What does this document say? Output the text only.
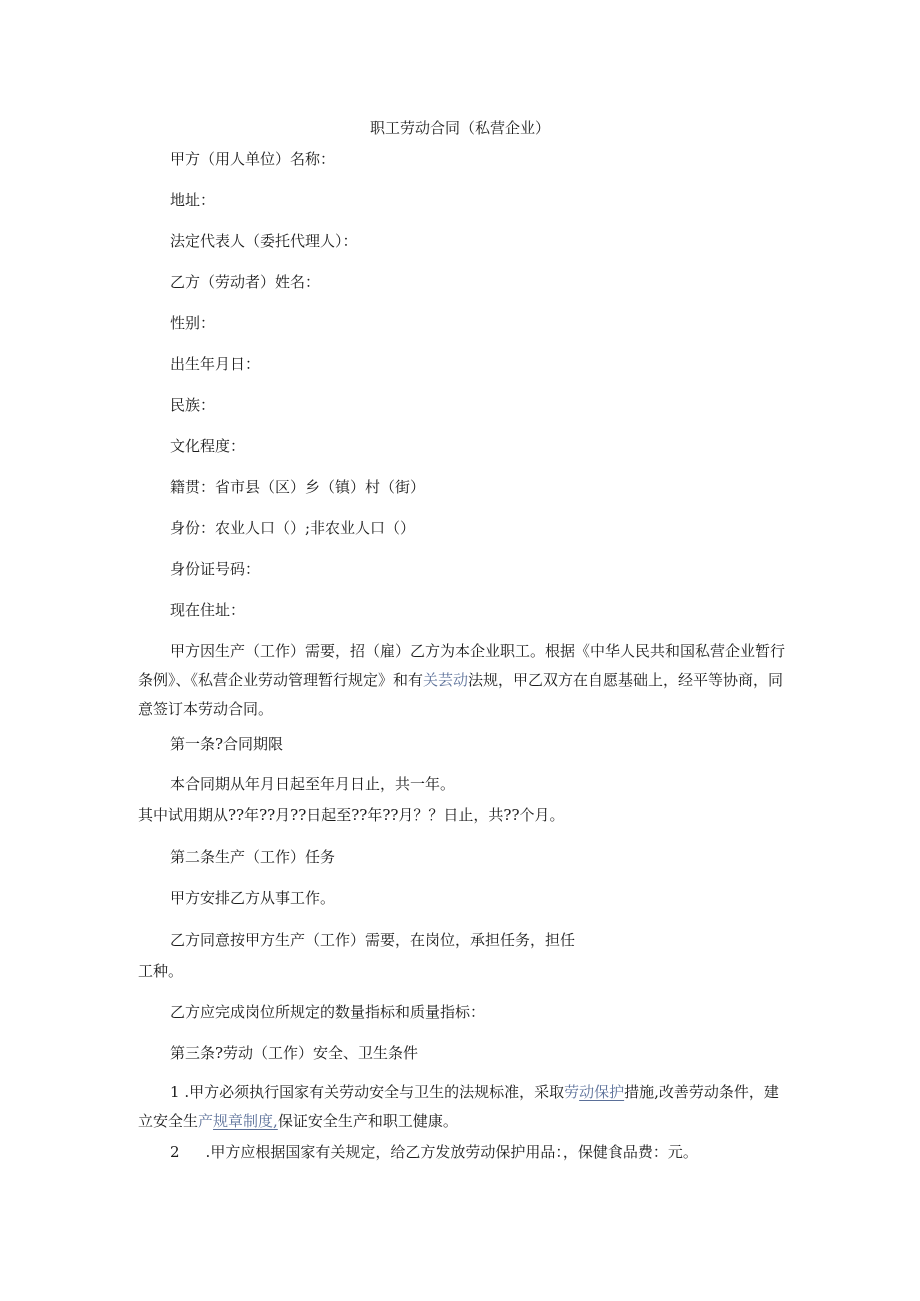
职工劳动合同（私营企业）
甲方（用人单位）名称：
地址：
法定代表人（委托代理人）：
乙方（劳动者）姓名：
性别：
出生年月日：
民族：
文化程度：
籍贯：省市县（区）乡（镇）村（街）
身份：农业人口（）;非农业人口（）
身份证号码：
现在住址：
甲方因生产（工作）需要，招（雇）乙方为本企业职工。根据《中华人民共和国私营企业暂行条例》、《私营企业劳动管理暂行规定》和有关芸动法规，甲乙双方在自愿基础上，经平等协商，同意签订本劳动合同。
第一条?合同期限
本合同期从年月日起至年月日止，共一年。
其中试用期从??年??月??日起至??年??月？？日止，共??个月。
第二条生产（工作）任务
甲方安排乙方从事工作。
乙方同意按甲方生产（工作）需要，在岗位，承担任务，担任
工种。
乙方应完成岗位所规定的数量指标和质量指标：
第三条?劳动（工作）安全、卫生条件
1 .甲方必须执行国家有关劳动安全与卫生的法规标准，采取劳动保护措施,改善劳动条件，建立安全生产规章制度,保证安全生产和职工健康。
2 .甲方应根据国家有关规定，给乙方发放劳动保护用品：，保健食品费：元。
